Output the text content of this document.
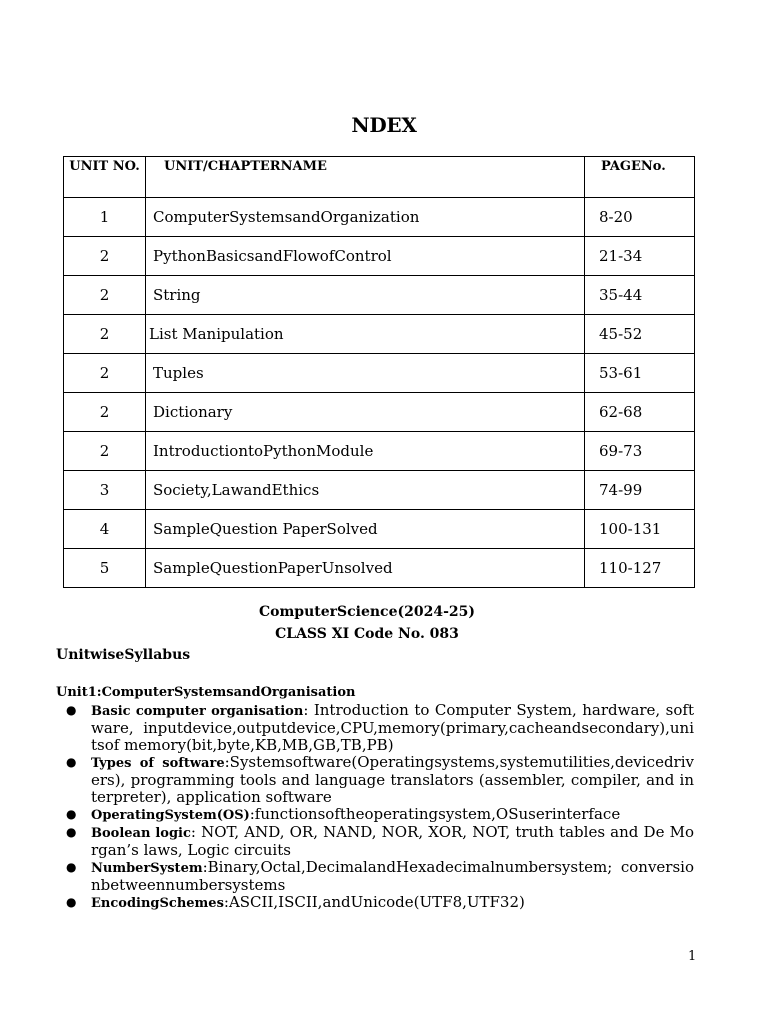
NDEX
UNIT NO.	UNIT/CHAPTERNAME	PAGENo.
1	ComputerSystemsandOrganization	8-20
2	PythonBasicsandFlowofControl	21-34
2	String	35-44
2	List Manipulation	45-52
2	Tuples	53-61
2	Dictionary	62-68
2	IntroductiontoPythonModule	69-73
3	Society,LawandEthics	74-99
4	SampleQuestion PaperSolved	100-131
5	SampleQuestionPaperUnsolved	110-127
ComputerScience(2024-25)
CLASS XI Code No. 083
UnitwiseSyllabus
Unit1:ComputerSystemsandOrganisation
● Basic computer organisation: Introduction to Computer System, hardware, software, inputdevice,outputdevice,CPU,memory(primary,cacheandsecondary),unitsof memory(bit,byte,KB,MB,GB,TB,PB)
● Types of software:Systemsoftware(Operatingsystems,systemutilities,devicedrivers), programming tools and language translators (assembler, compiler, and interpreter), application software
● OperatingSystem(OS):functionsoftheoperatingsystem,OSuserinterface
● Boolean logic: NOT, AND, OR, NAND, NOR, XOR, NOT, truth tables and De Morgan’s laws, Logic circuits
● NumberSystem:Binary,Octal,DecimalandHexadecimalnumbersystem; conversionbetweennumbersystems
● EncodingSchemes:ASCII,ISCII,andUnicode(UTF8,UTF32)
1
